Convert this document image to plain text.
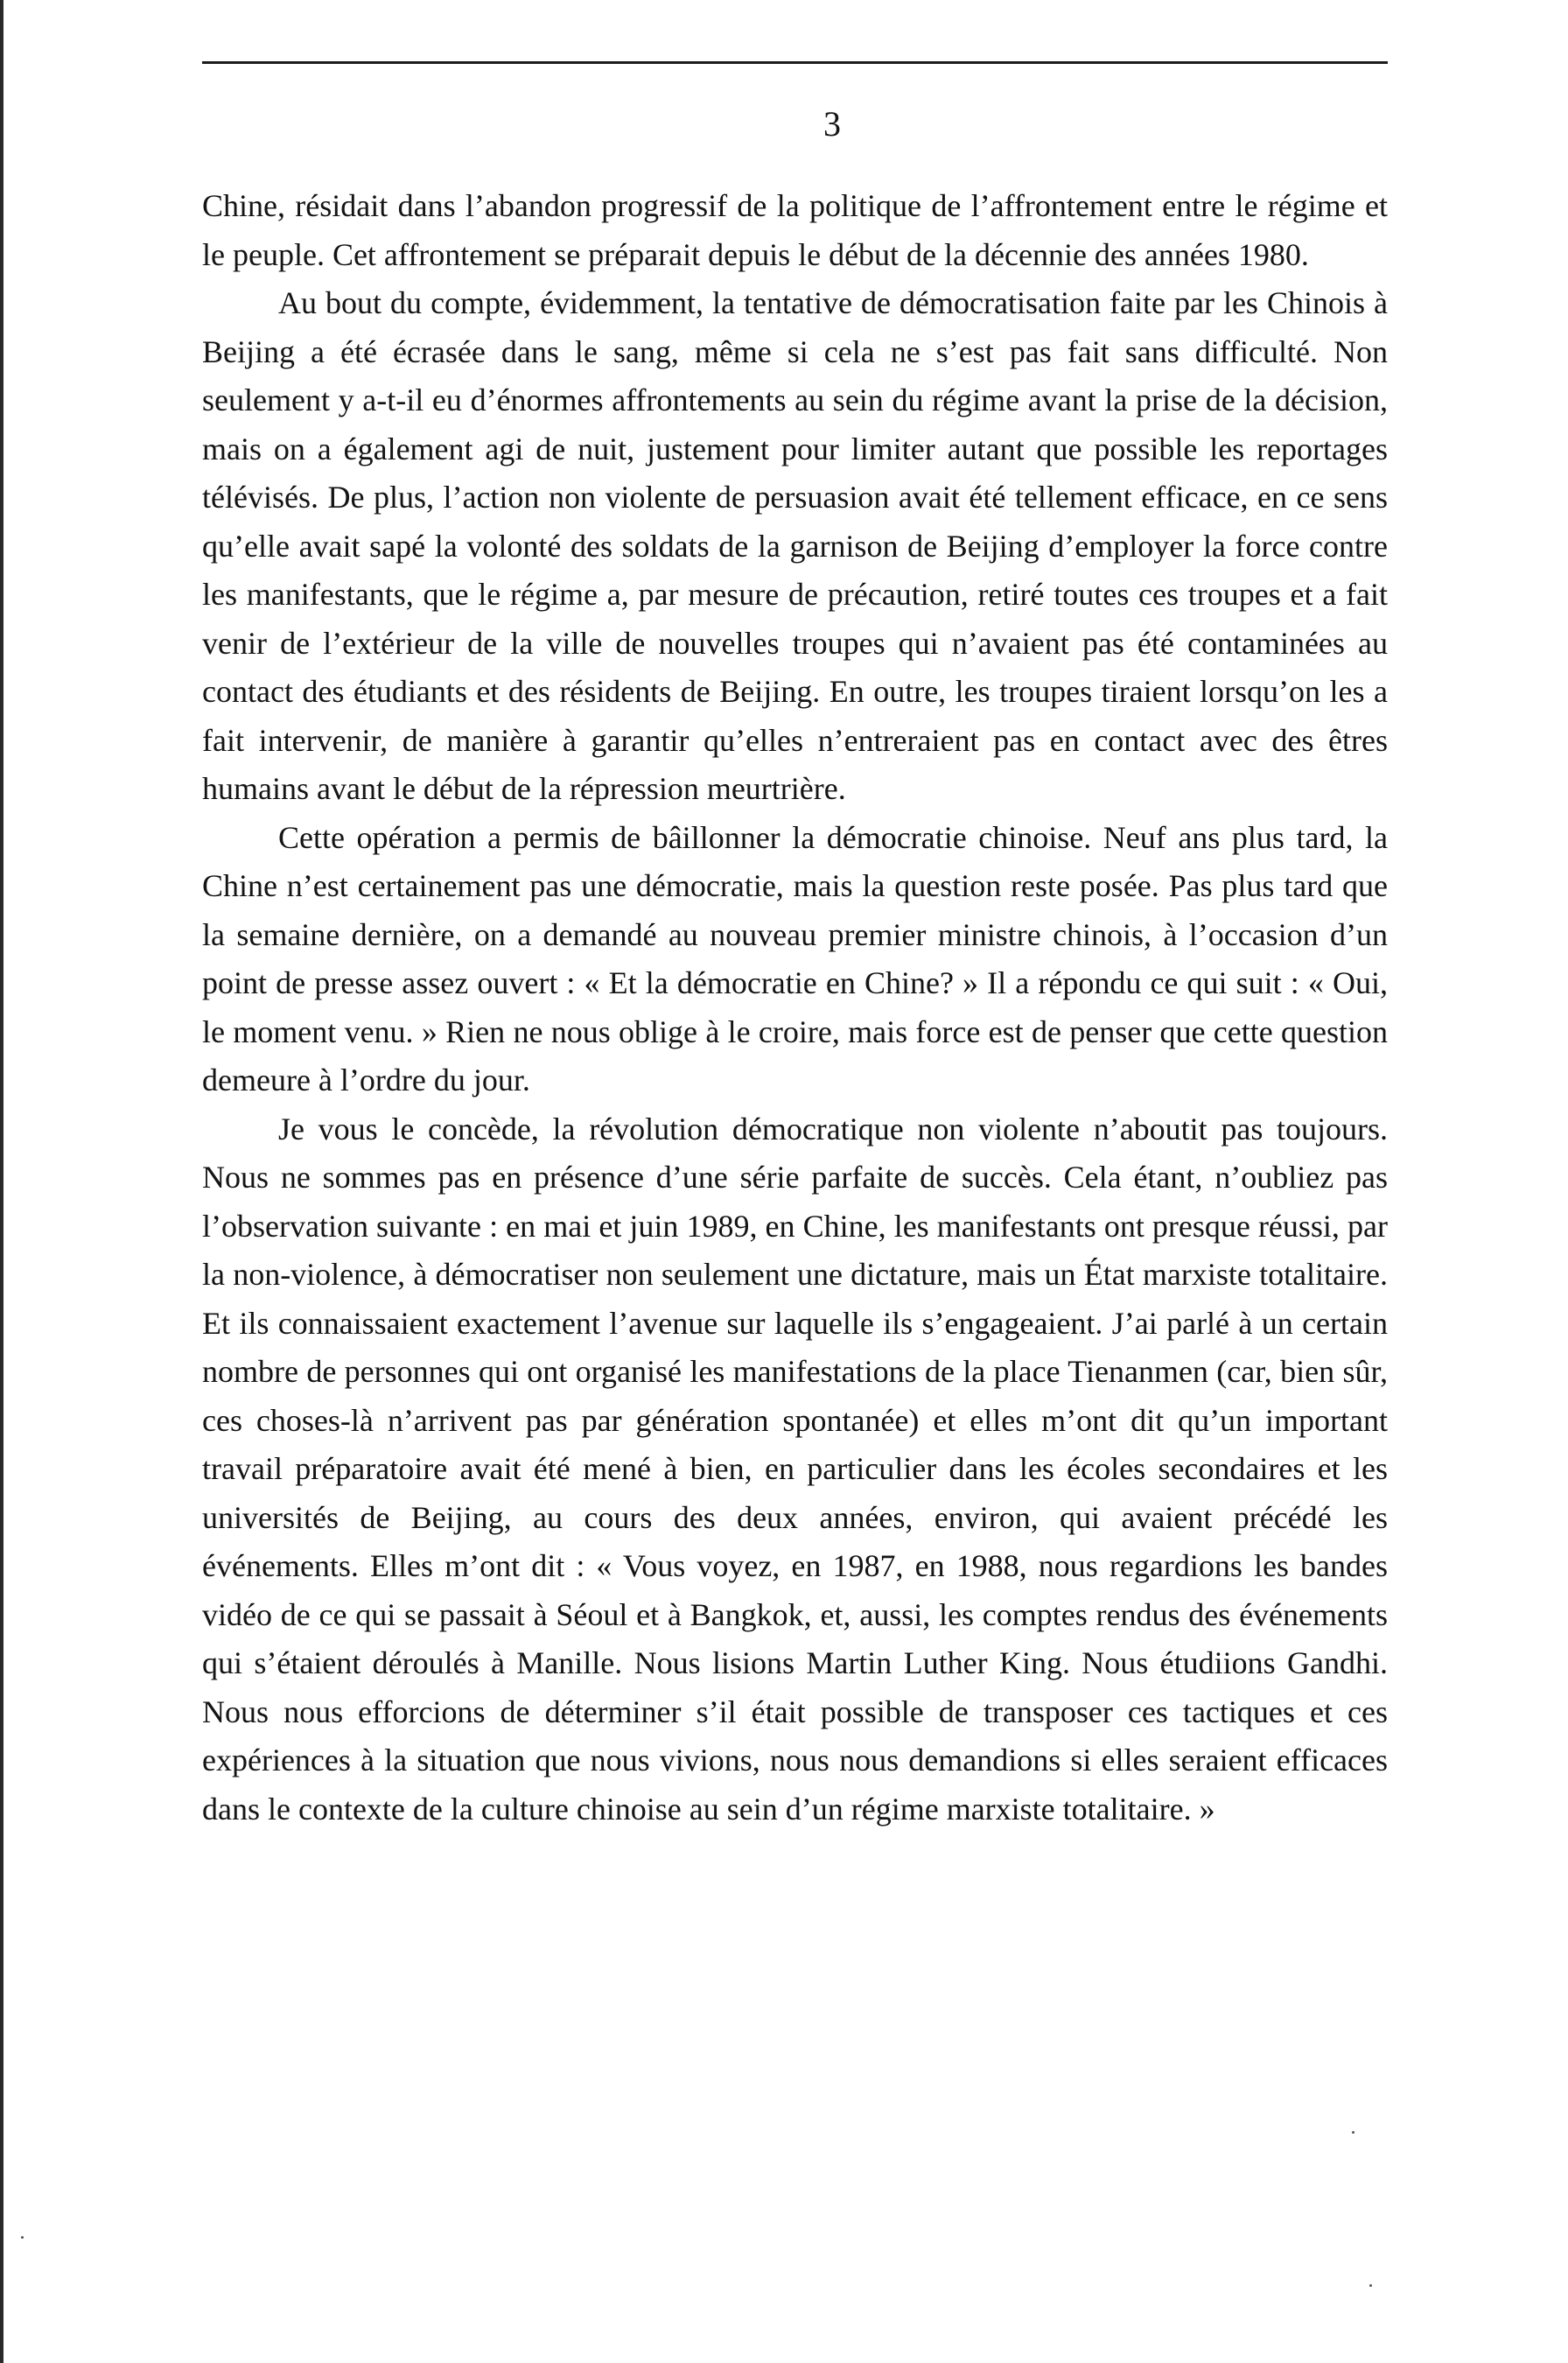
3

Chine, résidait dans l’abandon progressif de la politique de l’affrontement entre le régime et le peuple. Cet affrontement se préparait depuis le début de la décennie des années 1980.

Au bout du compte, évidemment, la tentative de démocratisation faite par les Chinois à Beijing a été écrasée dans le sang, même si cela ne s’est pas fait sans difficulté. Non seulement y a-t-il eu d’énormes affrontements au sein du régime avant la prise de la décision, mais on a également agi de nuit, justement pour limiter autant que possible les reportages télévisés. De plus, l’action non violente de persuasion avait été tellement efficace, en ce sens qu’elle avait sapé la volonté des soldats de la garnison de Beijing d’employer la force contre les manifestants, que le régime a, par mesure de précaution, retiré toutes ces troupes et a fait venir de l’extérieur de la ville de nouvelles troupes qui n’avaient pas été contaminées au contact des étudiants et des résidents de Beijing. En outre, les troupes tiraient lorsqu’on les a fait intervenir, de manière à garantir qu’elles n’entreraient pas en contact avec des êtres humains avant le début de la répression meurtrière.

Cette opération a permis de bâillonner la démocratie chinoise. Neuf ans plus tard, la Chine n’est certainement pas une démocratie, mais la question reste posée. Pas plus tard que la semaine dernière, on a demandé au nouveau premier ministre chinois, à l’occasion d’un point de presse assez ouvert : « Et la démocratie en Chine? » Il a répondu ce qui suit : « Oui, le moment venu. » Rien ne nous oblige à le croire, mais force est de penser que cette question demeure à l’ordre du jour.

Je vous le concède, la révolution démocratique non violente n’aboutit pas toujours. Nous ne sommes pas en présence d’une série parfaite de succès. Cela étant, n’oubliez pas l’observation suivante : en mai et juin 1989, en Chine, les manifestants ont presque réussi, par la non-violence, à démocratiser non seulement une dictature, mais un État marxiste totalitaire. Et ils connaissaient exactement l’avenue sur laquelle ils s’engageaient. J’ai parlé à un certain nombre de personnes qui ont organisé les manifestations de la place Tienanmen (car, bien sûr, ces choses-là n’arrivent pas par génération spontanée) et elles m’ont dit qu’un important travail préparatoire avait été mené à bien, en particulier dans les écoles secondaires et les universités de Beijing, au cours des deux années, environ, qui avaient précédé les événements. Elles m’ont dit : « Vous voyez, en 1987, en 1988, nous regardions les bandes vidéo de ce qui se passait à Séoul et à Bangkok, et, aussi, les comptes rendus des événements qui s’étaient déroulés à Manille. Nous lisions Martin Luther King. Nous étudiions Gandhi. Nous nous efforcions de déterminer s’il était possible de transposer ces tactiques et ces expériences à la situation que nous vivions, nous nous demandions si elles seraient efficaces dans le contexte de la culture chinoise au sein d’un régime marxiste totalitaire. »
